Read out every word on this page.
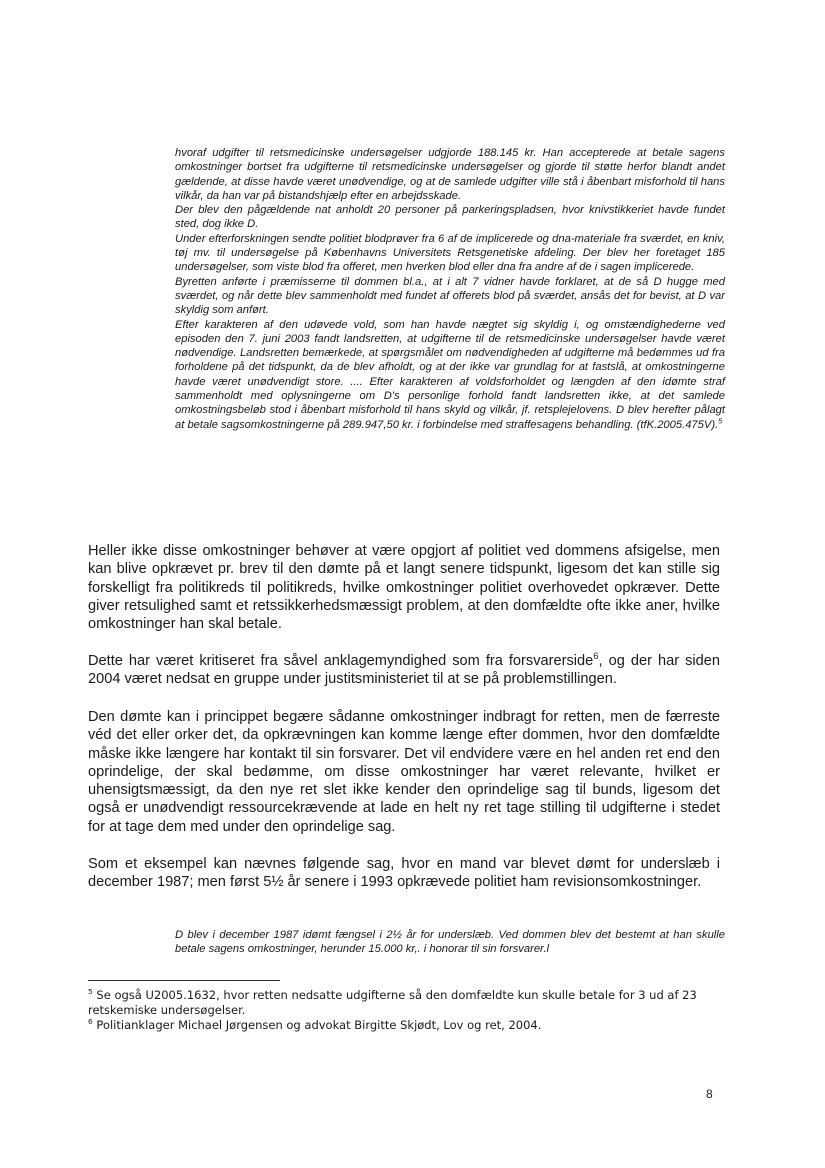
hvoraf udgifter til retsmedicinske undersøgelser udgjorde 188.145 kr. Han accepterede at betale sagens omkostninger bortset fra udgifterne til retsmedicinske undersøgelser og gjorde til støtte herfor blandt andet gældende, at disse havde været unødvendige, og at de samlede udgifter ville stå i åbenbart misforhold til hans vilkår, da han var på bistandshjælp efter en arbejdsskade.

Der blev den pågældende nat anholdt 20 personer på parkeringspladsen, hvor knivstikkeriet havde fundet sted, dog ikke D.

Under efterforskningen sendte politiet blodprøver fra 6 af de implicerede og dna-materiale fra sværdet, en kniv, tøj mv. til undersøgelse på Københavns Universitets Retsgenetiske afdeling. Der blev her foretaget 185 undersøgelser, som viste blod fra offeret, men hverken blod eller dna fra andre af de i sagen implicerede.

Byretten anførte i præmisserne til dommen bl.a., at i alt 7 vidner havde forklaret, at de så D hugge med sværdet, og når dette blev sammenholdt med fundet af offerets blod på sværdet, ansås det for bevist, at D var skyldig som anført.

Efter karakteren af den udøvede vold, som han havde nægtet sig skyldig i, og omstændighederne ved episoden den 7. juni 2003 fandt landsretten, at udgifterne til de retsmedicinske undersøgelser havde været nødvendige. Landsretten bemærkede, at spørgsmålet om nødvendigheden af udgifterne må bedømmes ud fra forholdene på det tidspunkt, da de blev afholdt, og at der ikke var grundlag for at fastslå, at omkostningerne havde været unødvendigt store. .... Efter karakteren af voldsforholdet og længden af den idømte straf sammenholdt med oplysningerne om D's personlige forhold fandt landsretten ikke, at det samlede omkostningsbeløb stod i åbenbart misforhold til hans skyld og vilkår, jf. retsplejelovens. D blev herefter pålagt at betale sagsomkostningerne på 289.947,50 kr. i forbindelse med straffesagens behandling. (tfK.2005.475V).$^5$

Heller ikke disse omkostninger behøver at være opgjort af politiet ved dommens afsigelse, men kan blive opkrævet pr. brev til den dømte på et langt senere tidspunkt, ligesom det kan stille sig forskelligt fra politikreds til politikreds, hvilke omkostninger politiet overhovedet opkræver. Dette giver retsulighed samt et retssikkerhedsmæssigt problem, at den domfældte ofte ikke aner, hvilke omkostninger han skal betale.

Dette har været kritiseret fra såvel anklagemyndighed som fra forsvarerside$^6$, og der har siden 2004 været nedsat en gruppe under justitsministeriet til at se på problemstillingen.

Den dømte kan i princippet begære sådanne omkostninger indbragt for retten, men de færreste véd det eller orker det, da opkrævningen kan komme længe efter dommen, hvor den domfældte måske ikke længere har kontakt til sin forsvarer. Det vil endvidere være en hel anden ret end den oprindelige, der skal bedømme, om disse omkostninger har været relevante, hvilket er uhensigtsmæssigt, da den nye ret slet ikke kender den oprindelige sag til bunds, ligesom det også er unødvendigt ressourcekrævende at lade en helt ny ret tage stilling til udgifterne i stedet for at tage dem med under den oprindelige sag.

Som et eksempel kan nævnes følgende sag, hvor en mand var blevet dømt for underslæb i december 1987; men først 5½ år senere i 1993 opkrævede politiet ham revisionsomkostninger.

D blev i december 1987 idømt fængsel i 2½ år for underslæb. Ved dommen blev det bestemt at han skulle betale sagens omkostninger, herunder 15.000 kr,. i honorar til sin forsvarer.l

$^5$ Se også U2005.1632, hvor retten nedsatte udgifterne så den domfældte kun skulle betale for 3 ud af 23 retskemiske undersøgelser.

$^6$ Politianklager Michael Jørgensen og advokat Birgitte Skjødt, Lov og ret, 2004.

8
